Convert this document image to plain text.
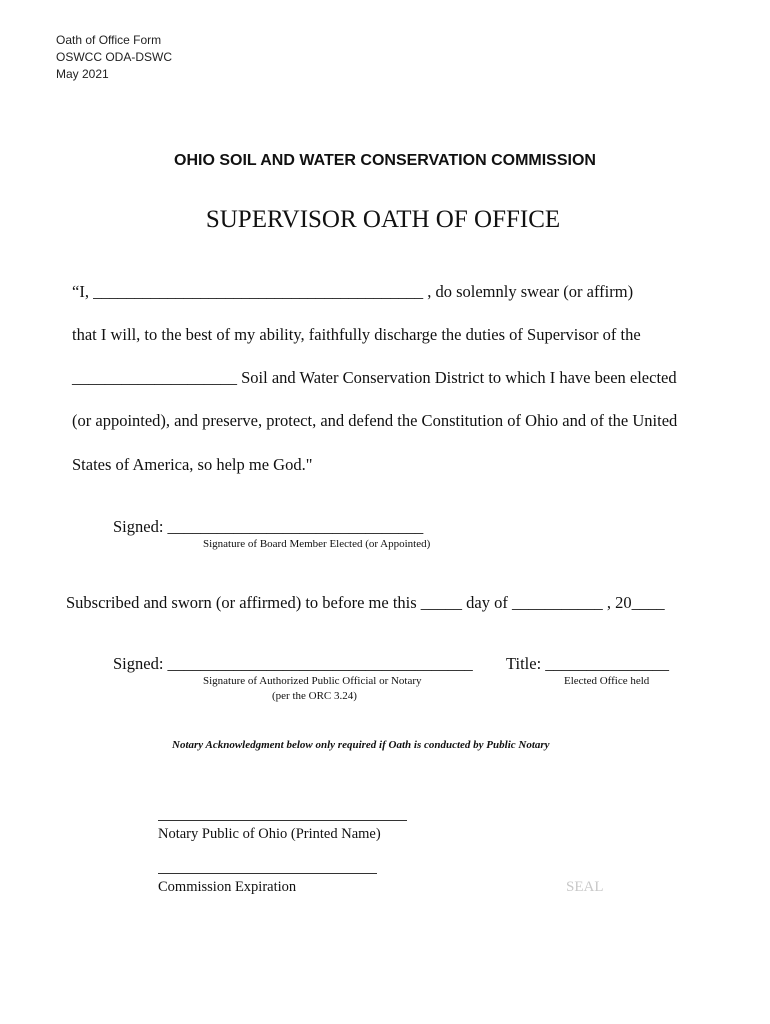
Oath of Office Form
OSWCC ODA-DSWC
May 2021
OHIO SOIL AND WATER CONSERVATION COMMISSION
SUPERVISOR OATH OF OFFICE
“I, ________________________________________ , do solemnly swear (or affirm)
that I will, to the best of my ability, faithfully discharge the duties of Supervisor of the
____________________ Soil and Water Conservation District to which I have been elected
(or appointed), and preserve, protect, and defend the Constitution of Ohio and of the United
States of America, so help me God."
Signed: _______________________________
Signature of Board Member Elected (or Appointed)
Subscribed and sworn (or affirmed) to before me this _____ day of ___________ , 20____
Signed: _____________________________________ Title: _______________
Signature of Authorized Public Official or Notary
(per the ORC 3.24)
Elected Office held
Notary Acknowledgment below only required if Oath is conducted by Public Notary
Notary Public of Ohio (Printed Name)
Commission Expiration	SEAL
